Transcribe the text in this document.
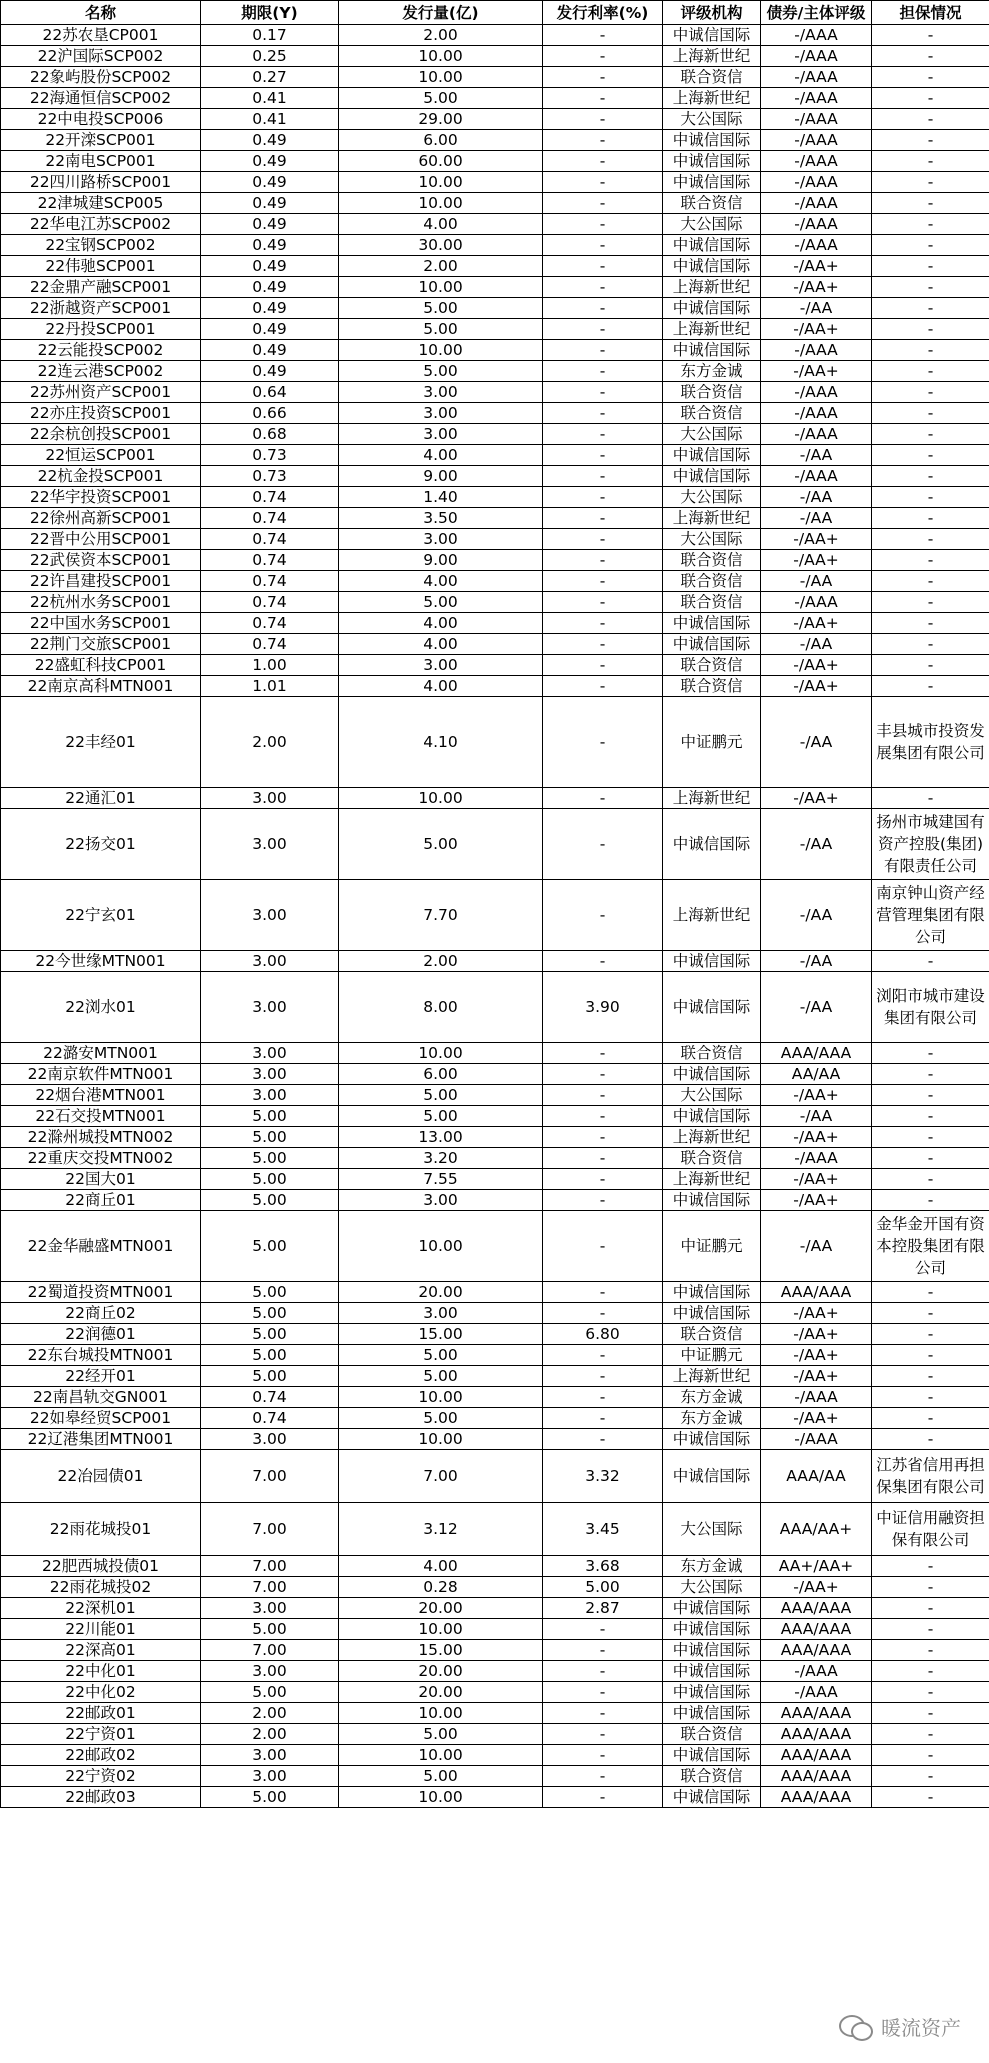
名称	期限(Y)	发行量(亿)	发行利率(%)	评级机构	债券/主体评级	担保情况
22苏农垦CP001	0.17	2.00	-	中诚信国际	-/AAA	-
22沪国际SCP002	0.25	10.00	-	上海新世纪	-/AAA	-
22象屿股份SCP002	0.27	10.00	-	联合资信	-/AAA	-
22海通恒信SCP002	0.41	5.00	-	上海新世纪	-/AAA	-
22中电投SCP006	0.41	29.00	-	大公国际	-/AAA	-
22开滦SCP001	0.49	6.00	-	中诚信国际	-/AAA	-
22南电SCP001	0.49	60.00	-	中诚信国际	-/AAA	-
22四川路桥SCP001	0.49	10.00	-	中诚信国际	-/AAA	-
22津城建SCP005	0.49	10.00	-	联合资信	-/AAA	-
22华电江苏SCP002	0.49	4.00	-	大公国际	-/AAA	-
22宝钢SCP002	0.49	30.00	-	中诚信国际	-/AAA	-
22伟驰SCP001	0.49	2.00	-	中诚信国际	-/AA+	-
22金鼎产融SCP001	0.49	10.00	-	上海新世纪	-/AA+	-
22浙越资产SCP001	0.49	5.00	-	中诚信国际	-/AA	-
22丹投SCP001	0.49	5.00	-	上海新世纪	-/AA+	-
22云能投SCP002	0.49	10.00	-	中诚信国际	-/AAA	-
22连云港SCP002	0.49	5.00	-	东方金诚	-/AA+	-
22苏州资产SCP001	0.64	3.00	-	联合资信	-/AAA	-
22亦庄投资SCP001	0.66	3.00	-	联合资信	-/AAA	-
22余杭创投SCP001	0.68	3.00	-	大公国际	-/AAA	-
22恒运SCP001	0.73	4.00	-	中诚信国际	-/AA	-
22杭金投SCP001	0.73	9.00	-	中诚信国际	-/AAA	-
22华宇投资SCP001	0.74	1.40	-	大公国际	-/AA	-
22徐州高新SCP001	0.74	3.50	-	上海新世纪	-/AA	-
22晋中公用SCP001	0.74	3.00	-	大公国际	-/AA+	-
22武侯资本SCP001	0.74	9.00	-	联合资信	-/AA+	-
22许昌建投SCP001	0.74	4.00	-	联合资信	-/AA	-
22杭州水务SCP001	0.74	5.00	-	联合资信	-/AAA	-
22中国水务SCP001	0.74	4.00	-	中诚信国际	-/AA+	-
22荆门交旅SCP001	0.74	4.00	-	中诚信国际	-/AA	-
22盛虹科技CP001	1.00	3.00	-	联合资信	-/AA+	-
22南京高科MTN001	1.01	4.00	-	联合资信	-/AA+	-
22丰经01	2.00	4.10	-	中证鹏元	-/AA	丰县城市投资发展集团有限公司
22通汇01	3.00	10.00	-	上海新世纪	-/AA+	-
22扬交01	3.00	5.00	-	中诚信国际	-/AA	扬州市城建国有资产控股(集团)有限责任公司
22宁玄01	3.00	7.70	-	上海新世纪	-/AA	南京钟山资产经营管理集团有限公司
22今世缘MTN001	3.00	2.00	-	中诚信国际	-/AA	-
22浏水01	3.00	8.00	3.90	中诚信国际	-/AA	浏阳市城市建设集团有限公司
22潞安MTN001	3.00	10.00	-	联合资信	AAA/AAA	-
22南京软件MTN001	3.00	6.00	-	中诚信国际	AA/AA	-
22烟台港MTN001	3.00	5.00	-	大公国际	-/AA+	-
22石交投MTN001	5.00	5.00	-	中诚信国际	-/AA	-
22滁州城投MTN002	5.00	13.00	-	上海新世纪	-/AA+	-
22重庆交投MTN002	5.00	3.20	-	联合资信	-/AAA	-
22国大01	5.00	7.55	-	上海新世纪	-/AA+	-
22商丘01	5.00	3.00	-	中诚信国际	-/AA+	-
22金华融盛MTN001	5.00	10.00	-	中证鹏元	-/AA	金华金开国有资本控股集团有限公司
22蜀道投资MTN001	5.00	20.00	-	中诚信国际	AAA/AAA	-
22商丘02	5.00	3.00	-	中诚信国际	-/AA+	-
22润德01	5.00	15.00	6.80	联合资信	-/AA+	-
22东台城投MTN001	5.00	5.00	-	中证鹏元	-/AA+	-
22经开01	5.00	5.00	-	上海新世纪	-/AA+	-
22南昌轨交GN001	0.74	10.00	-	东方金诚	-/AAA	-
22如皋经贸SCP001	0.74	5.00	-	东方金诚	-/AA+	-
22辽港集团MTN001	3.00	10.00	-	中诚信国际	-/AAA	-
22冶园债01	7.00	7.00	3.32	中诚信国际	AAA/AA	江苏省信用再担保集团有限公司
22雨花城投01	7.00	3.12	3.45	大公国际	AAA/AA+	中证信用融资担保有限公司
22肥西城投债01	7.00	4.00	3.68	东方金诚	AA+/AA+	-
22雨花城投02	7.00	0.28	5.00	大公国际	-/AA+	-
22深机01	3.00	20.00	2.87	中诚信国际	AAA/AAA	-
22川能01	5.00	10.00	-	中诚信国际	AAA/AAA	-
22深高01	7.00	15.00	-	中诚信国际	AAA/AAA	-
22中化01	3.00	20.00	-	中诚信国际	-/AAA	-
22中化02	5.00	20.00	-	中诚信国际	-/AAA	-
22邮政01	2.00	10.00	-	中诚信国际	AAA/AAA	-
22宁资01	2.00	5.00	-	联合资信	AAA/AAA	-
22邮政02	3.00	10.00	-	中诚信国际	AAA/AAA	-
22宁资02	3.00	5.00	-	联合资信	AAA/AAA	-
22邮政03	5.00	10.00	-	中诚信国际	AAA/AAA	-
暖流资产
